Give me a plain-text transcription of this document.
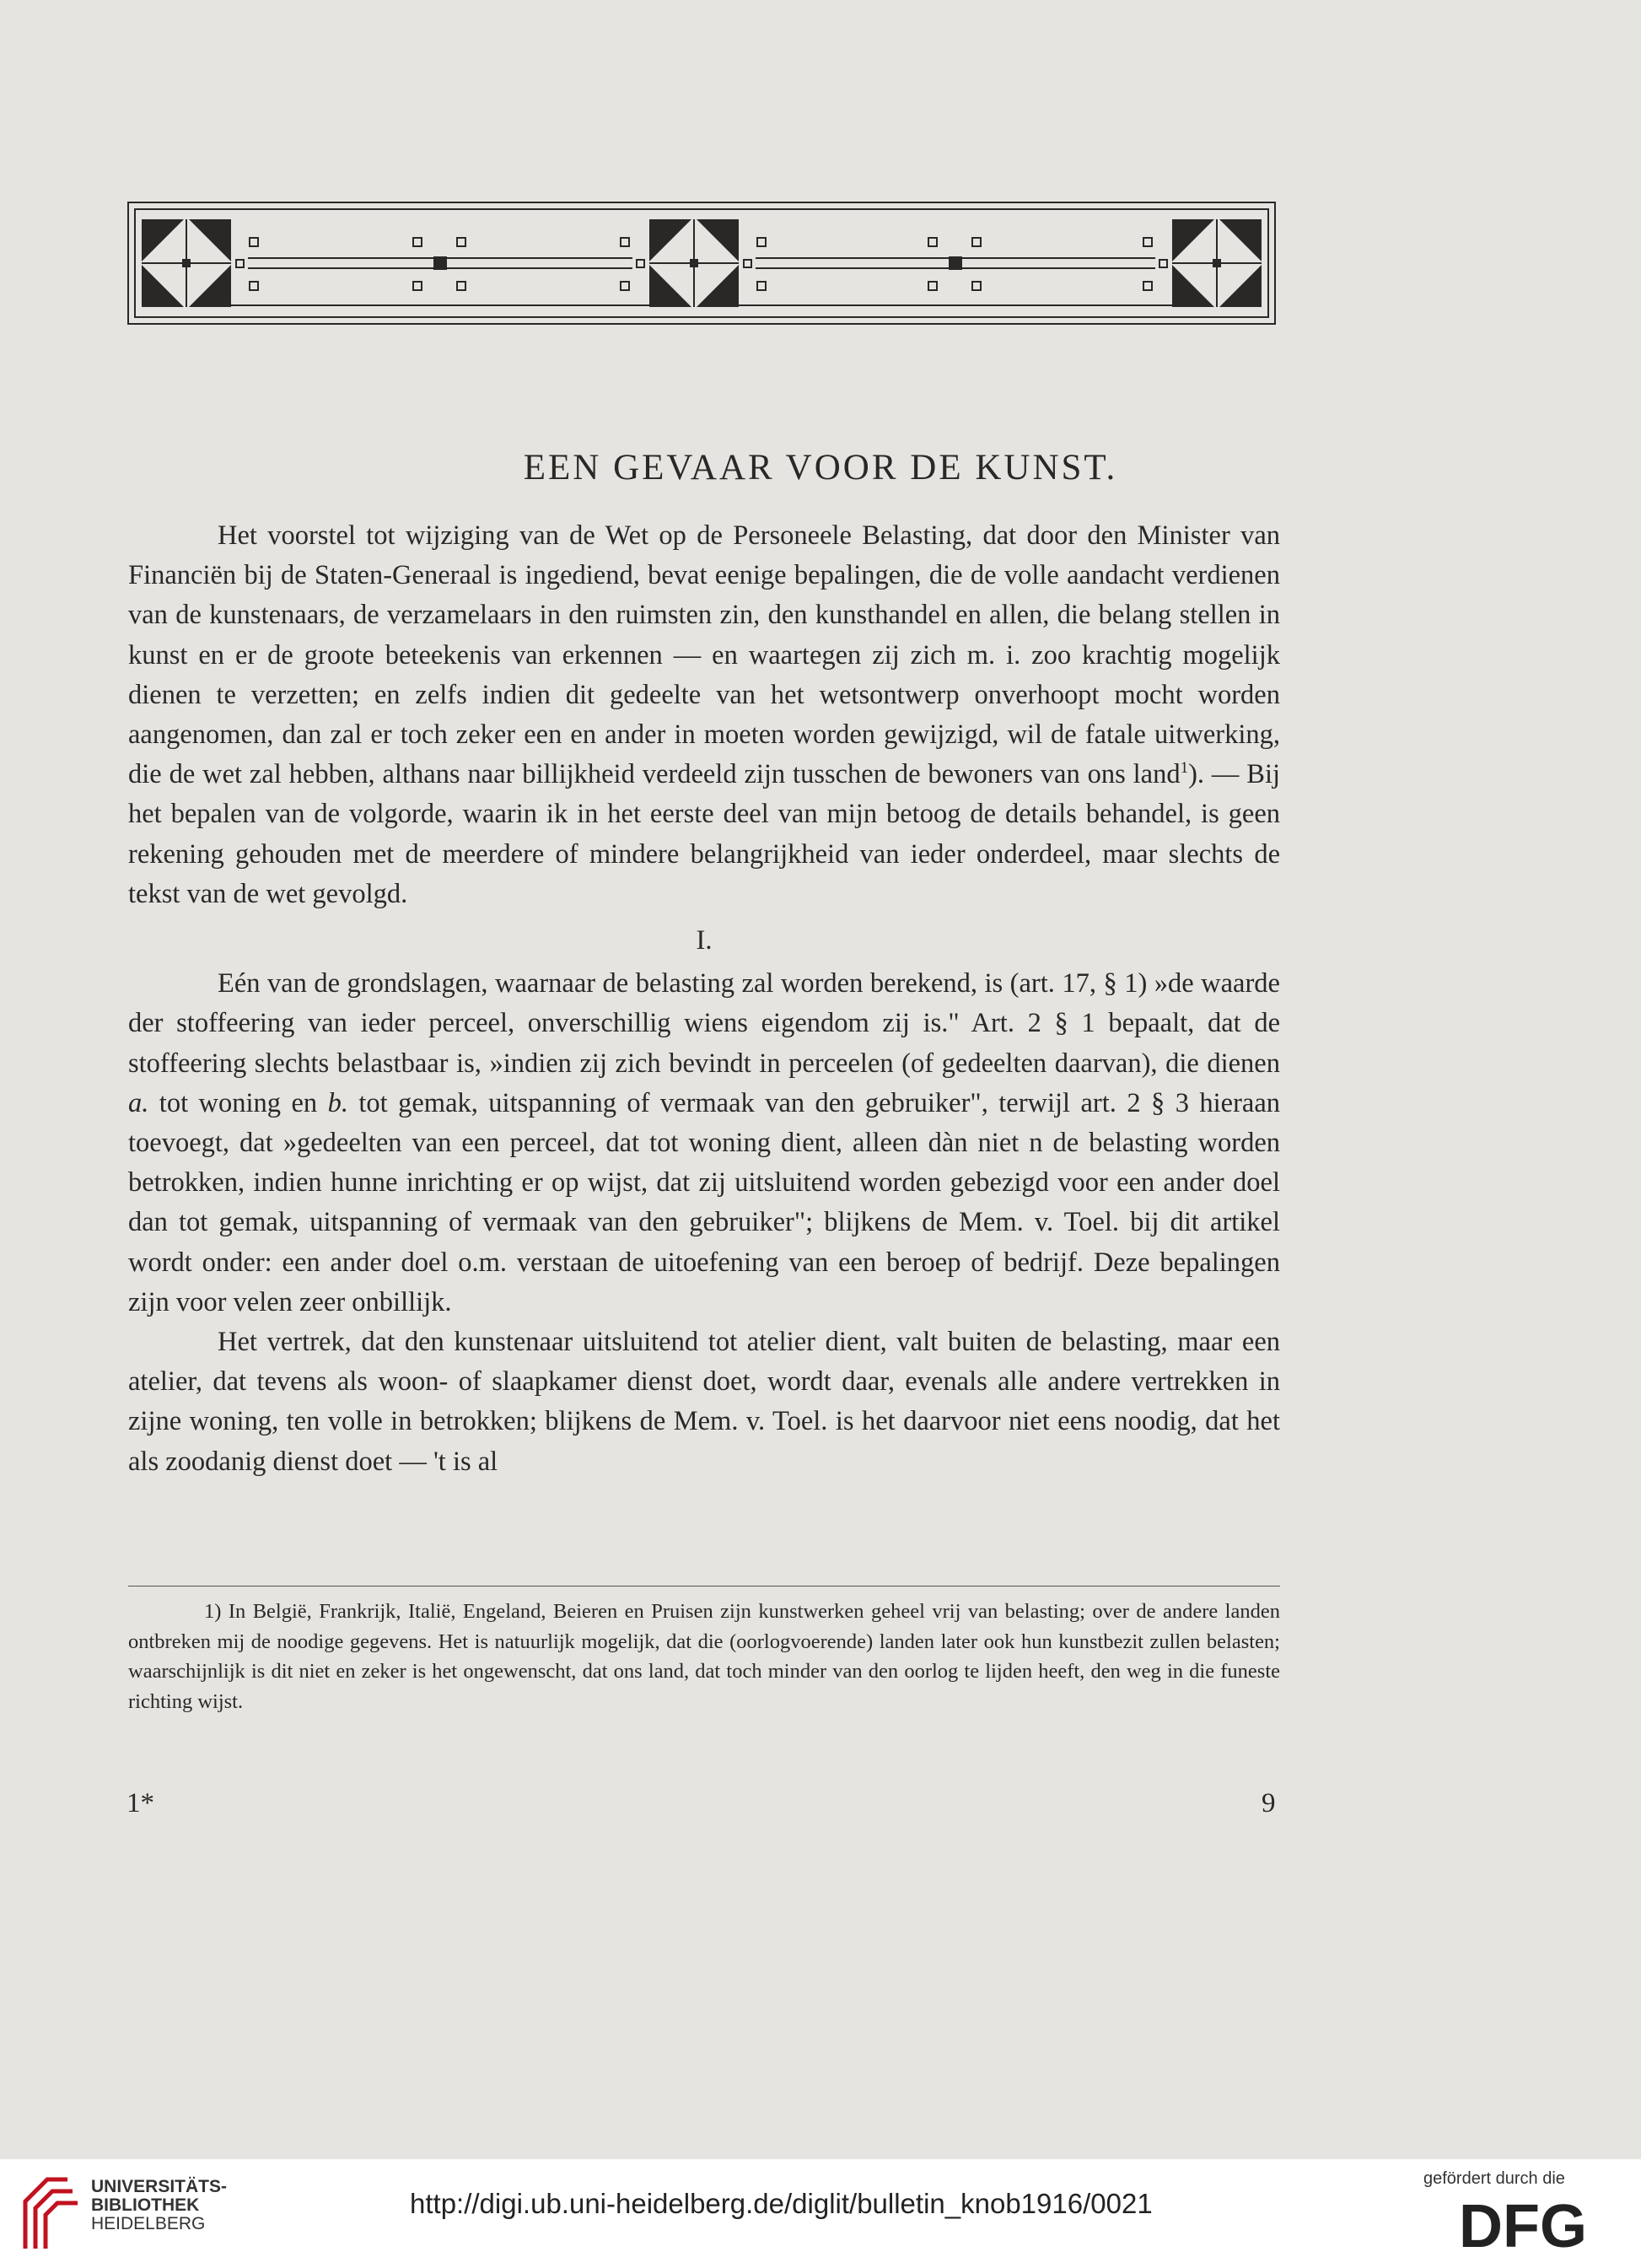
EEN GEVAAR VOOR DE KUNST.

Het voorstel tot wijziging van de Wet op de Personeele Belasting, dat door den Minister van Financiën bij de Staten-Generaal is ingediend, bevat eenige bepalingen, die de volle aandacht verdienen van de kunstenaars, de verzamelaars in den ruimsten zin, den kunsthandel en allen, die belang stellen in kunst en er de groote beteekenis van erkennen — en waartegen zij zich m. i. zoo krachtig mogelijk dienen te verzetten; en zelfs indien dit gedeelte van het wetsontwerp onverhoopt mocht worden aangenomen, dan zal er toch zeker een en ander in moeten worden gewijzigd, wil de fatale uitwerking, die de wet zal hebben, althans naar billijkheid verdeeld zijn tusschen de bewoners van ons land$^1$). — Bij het bepalen van de volgorde, waarin ik in het eerste deel van mijn betoog de details behandel, is geen rekening gehouden met de meerdere of mindere belangrijkheid van ieder onderdeel, maar slechts de tekst van de wet gevolgd.

I.

Eén van de grondslagen, waarnaar de belasting zal worden berekend, is (art. 17, § 1) »de waarde der stoffeering van ieder perceel, onverschillig wiens eigendom zij is." Art. 2 § 1 bepaalt, dat de stoffeering slechts belastbaar is, »indien zij zich bevindt in perceelen (of gedeelten daarvan), die dienen a. tot woning en b. tot gemak, uitspanning of vermaak van den gebruiker", terwijl art. 2 § 3 hieraan toevoegt, dat »gedeelten van een perceel, dat tot woning dient, alleen dàn niet n de belasting worden betrokken, indien hunne inrichting er op wijst, dat zij uitsluitend worden gebezigd voor een ander doel dan tot gemak, uitspanning of vermaak van den gebruiker"; blijkens de Mem. v. Toel. bij dit artikel wordt onder: een ander doel o.m. verstaan de uitoefening van een beroep of bedrijf. Deze bepalingen zijn voor velen zeer onbillijk.

Het vertrek, dat den kunstenaar uitsluitend tot atelier dient, valt buiten de belasting, maar een atelier, dat tevens als woon- of slaapkamer dienst doet, wordt daar, evenals alle andere vertrekken in zijne woning, ten volle in betrokken; blijkens de Mem. v. Toel. is het daarvoor niet eens noodig, dat het als zoodanig dienst doet — 't is al

1) In België, Frankrijk, Italië, Engeland, Beieren en Pruisen zijn kunstwerken geheel vrij van belasting; over de andere landen ontbreken mij de noodige gegevens. Het is natuurlijk mogelijk, dat die (oorlogvoerende) landen later ook hun kunstbezit zullen belasten; waarschijnlijk is dit niet en zeker is het ongewenscht, dat ons land, dat toch minder van den oorlog te lijden heeft, den weg in die funeste richting wijst.

1*	9
UNIVERSITÄTS-
BIBLIOTHEK
HEIDELBERG
http://digi.ub.uni-heidelberg.de/diglit/bulletin_knob1916/0021
gefördert durch die
DFG
